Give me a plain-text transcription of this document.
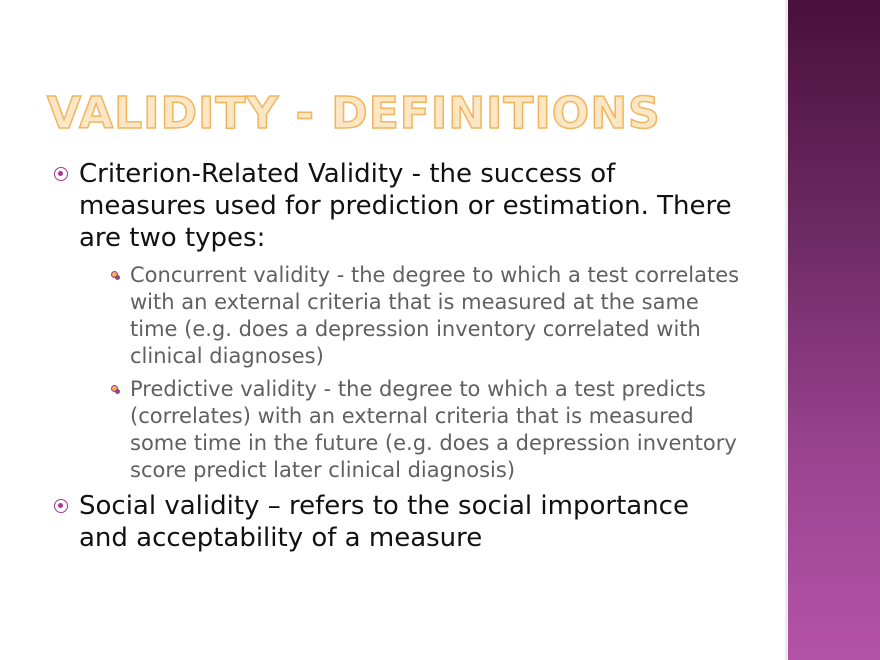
VALIDITY - DEFINITIONS
Criterion-Related Validity - the success of measures used for prediction or estimation. There are two types:
Concurrent validity - the degree to which a test correlates with an external criteria that is measured at the same time (e.g. does a depression inventory correlated with clinical diagnoses)
Predictive validity - the degree to which a test predicts (correlates) with an external criteria that is measured some time in the future (e.g. does a depression inventory score predict later clinical diagnosis)
Social validity – refers to the social importance and acceptability of a measure
